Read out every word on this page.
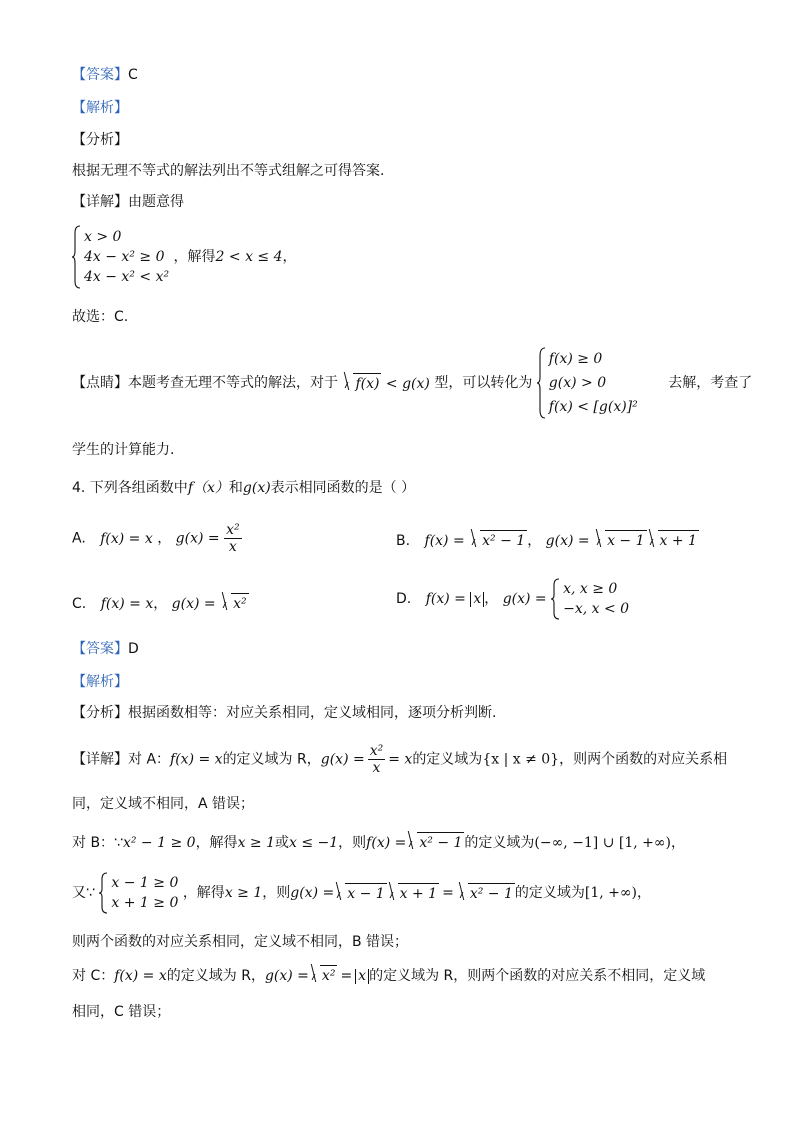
【答案】C
【解析】
【分析】
根据无理不等式的解法列出不等式组解之可得答案.
【详解】由题意得
x > 0
4x − x² ≥ 0
4x − x² < x²
，解得2 < x ≤ 4，
故选：C.
【点睛】本题考查无理不等式的解法，对于 f(x) < g(x) 型，可以转化为
f(x) ≥ 0
g(x) > 0
f(x) < [g(x)]²
去解，考查了
学生的计算能力.
4. 下列各组函数中f（x）和g(x)表示相同函数的是（ ）
A. f(x) = x ， $g(x) = \frac{\text{x²}}{x}$	B. f(x) = x² − 1 ， g(x) = x − 1 x + 1
C. f(x) = x， g(x) = x²	D. f(x) = x ， g(x) =
x, x ≥ 0
−x, x < 0
【答案】D
【解析】
【分析】根据函数相等：对应关系相同，定义域相同，逐项分析判断.
【详解】对 A：f(x) = x的定义域为 R，$g(x) = \frac{\text{x²}}{x} = x$的定义域为{x | x ≠ 0}，则两个函数的对应关系相
同，定义域不相同，A 错误；
对 B：∵x² − 1 ≥ 0，解得x ≥ 1或x ≤ −1，则f(x) = x² − 1 的定义域为(−∞, −1] ∪ [1, +∞)，
又∵
x − 1 ≥ 0
x + 1 ≥ 0
，解得x ≥ 1，则g(x) = x − 1 x + 1 = x² − 1 的定义域为[1, +∞)，
则两个函数的对应关系相同，定义域不相同，B 错误；
对 C：f(x) = x的定义域为 R，g(x) = x² = x 的定义域为 R，则两个函数的对应关系不相同，定义域
相同，C 错误；
